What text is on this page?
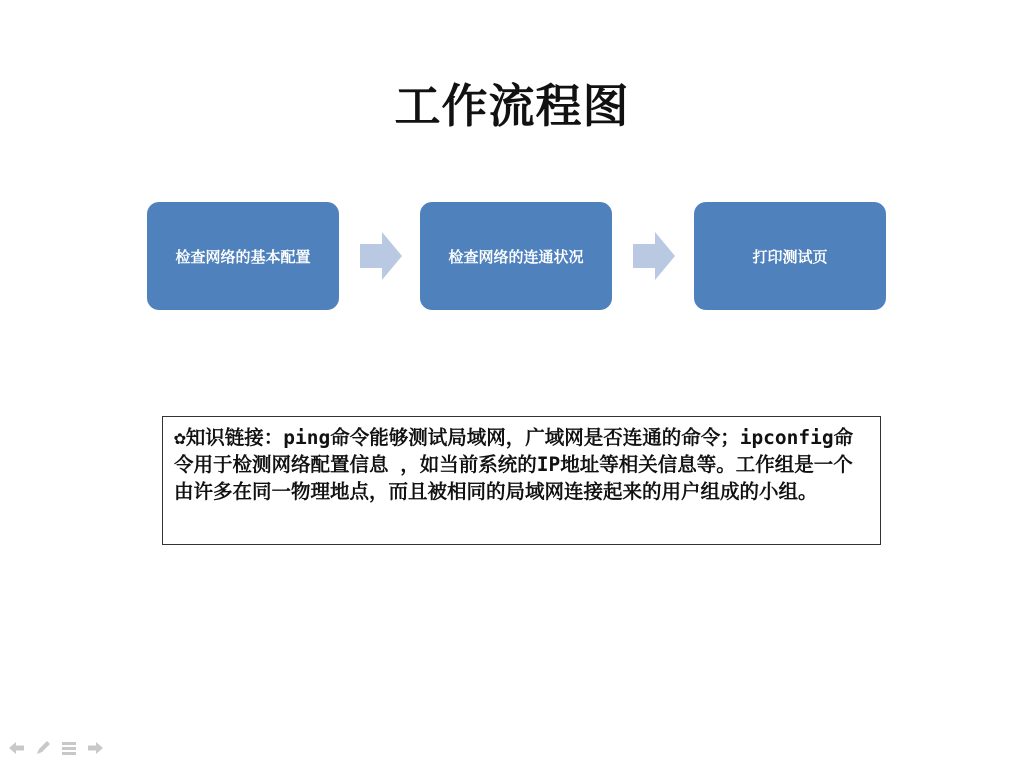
工作流程图
检查网络的基本配置	检查网络的连通状况	打印测试页

✿知识链接：ping命令能够测试局域网，广域网是否连通的命令；ipconfig命令用于检测网络配置信息 ，如当前系统的IP地址等相关信息等。工作组是一个由许多在同一物理地点，而且被相同的局域网连接起来的用户组成的小组。
